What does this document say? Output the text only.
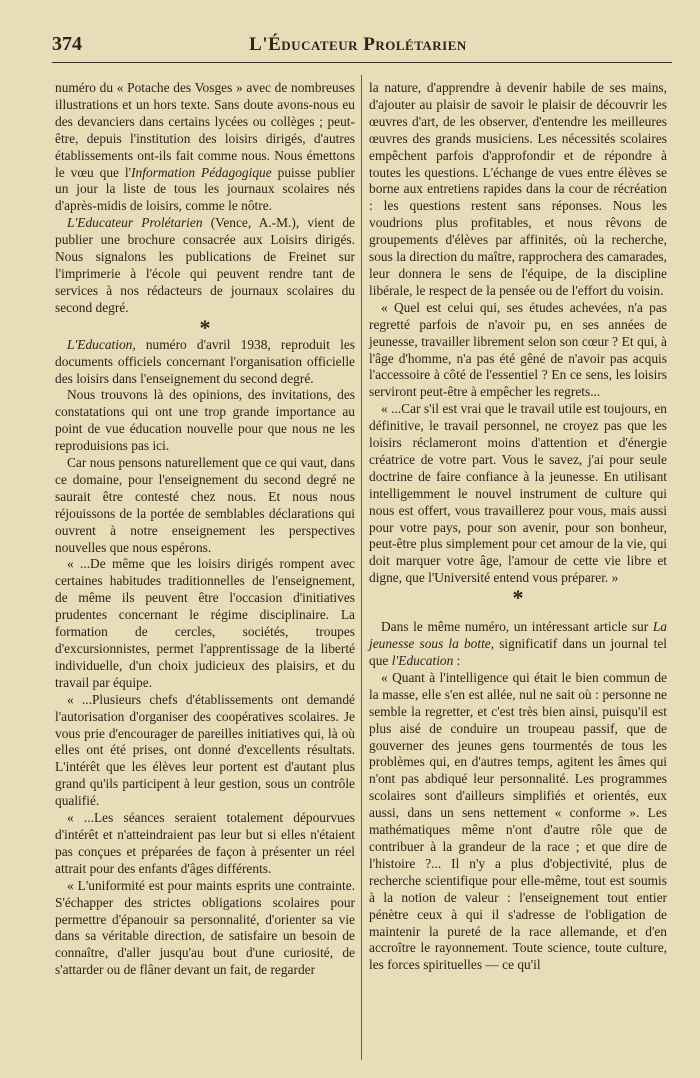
374	L'Éducateur Prolétarien

numéro du « Potache des Vosges » avec de nombreuses illustrations et un hors texte. Sans doute avons-nous eu des devanciers dans certains lycées ou collèges ; peut-être, depuis l'institution des loisirs dirigés, d'autres établissements ont-ils fait comme nous. Nous émettons le vœu que l'Information Pédagogique puisse publier un jour la liste de tous les journaux scolaires nés d'après-midis de loisirs, comme le nôtre.

L'Educateur Prolétarien (Vence, A.-M.), vient de publier une brochure consacrée aux Loisirs dirigés. Nous signalons les publications de Freinet sur l'imprimerie à l'école qui peuvent rendre tant de services à nos rédacteurs de journaux scolaires du second degré.

*

L'Education, numéro d'avril 1938, reproduit les documents officiels concernant l'organisation officielle des loisirs dans l'enseignement du second degré.

Nous trouvons là des opinions, des invitations, des constatations qui ont une trop grande importance au point de vue éducation nouvelle pour que nous ne les reproduisions pas ici.

Car nous pensons naturellement que ce qui vaut, dans ce domaine, pour l'enseignement du second degré ne saurait être contesté chez nous. Et nous nous réjouissons de la portée de semblables déclarations qui ouvrent à notre enseignement les perspectives nouvelles que nous espérons.

« ...De même que les loisirs dirigés rompent avec certaines habitudes traditionnelles de l'enseignement, de même ils peuvent être l'occasion d'initiatives prudentes concernant le régime disciplinaire. La formation de cercles, sociétés, troupes d'excursionnistes, permet l'apprentissage de la liberté individuelle, d'un choix judicieux des plaisirs, et du travail par équipe.

« ...Plusieurs chefs d'établissements ont demandé l'autorisation d'organiser des coopératives scolaires. Je vous prie d'encourager de pareilles initiatives qui, là où elles ont été prises, ont donné d'excellents résultats. L'intérêt que les élèves leur portent est d'autant plus grand qu'ils participent à leur gestion, sous un contrôle qualifié.

« ...Les séances seraient totalement dépourvues d'intérêt et n'atteindraient pas leur but si elles n'étaient pas conçues et préparées de façon à présenter un réel attrait pour des enfants d'âges différents.

« L'uniformité est pour maints esprits une contrainte. S'échapper des strictes obligations scolaires pour permettre d'épanouir sa personnalité, d'orienter sa vie dans sa véritable direction, de satisfaire un besoin de connaître, d'aller jusqu'au bout d'une curiosité, de s'attarder ou de flâner devant un fait, de regarder

la nature, d'apprendre à devenir habile de ses mains, d'ajouter au plaisir de savoir le plaisir de découvrir les œuvres d'art, de les observer, d'entendre les meilleures œuvres des grands musiciens. Les nécessités scolaires empêchent parfois d'approfondir et de répondre à toutes les questions. L'échange de vues entre élèves se borne aux entretiens rapides dans la cour de récréation : les questions restent sans réponses. Nous les voudrions plus profitables, et nous rêvons de groupements d'élèves par affinités, où la recherche, sous la direction du maître, rapprochera des camarades, leur donnera le sens de l'équipe, de la discipline libérale, le respect de la pensée ou de l'effort du voisin.

« Quel est celui qui, ses études achevées, n'a pas regretté parfois de n'avoir pu, en ses années de jeunesse, travailler librement selon son cœur ? Et qui, à l'âge d'homme, n'a pas été gêné de n'avoir pas acquis l'accessoire à côté de l'essentiel ? En ce sens, les loisirs serviront peut-être à empêcher les regrets...

« ...Car s'il est vrai que le travail utile est toujours, en définitive, le travail personnel, ne croyez pas que les loisirs réclameront moins d'attention et d'énergie créatrice de votre part. Vous le savez, j'ai pour seule doctrine de faire confiance à la jeunesse. En utilisant intelligemment le nouvel instrument de culture qui nous est offert, vous travaillerez pour vous, mais aussi pour votre pays, pour son avenir, pour son bonheur, peut-être plus simplement pour cet amour de la vie, qui doit marquer votre âge, l'amour de cette vie libre et digne, que l'Université entend vous préparer. »

*

Dans le même numéro, un intéressant article sur La jeunesse sous la botte, significatif dans un journal tel que l'Education :

« Quant à l'intelligence qui était le bien commun de la masse, elle s'en est allée, nul ne sait où : personne ne semble la regretter, et c'est très bien ainsi, puisqu'il est plus aisé de conduire un troupeau passif, que de gouverner des jeunes gens tourmentés de tous les problèmes qui, en d'autres temps, agitent les âmes qui n'ont pas abdiqué leur personnalité. Les programmes scolaires sont d'ailleurs simplifiés et orientés, eux aussi, dans un sens nettement « conforme ». Les mathématiques même n'ont d'autre rôle que de contribuer à la grandeur de la race ; et que dire de l'histoire ?... Il n'y a plus d'objectivité, plus de recherche scientifique pour elle-même, tout est soumis à la notion de valeur : l'enseignement tout entier pénètre ceux à qui il s'adresse de l'obligation de maintenir la pureté de la race allemande, et d'en accroître le rayonnement. Toute science, toute culture, les forces spirituelles — ce qu'il
